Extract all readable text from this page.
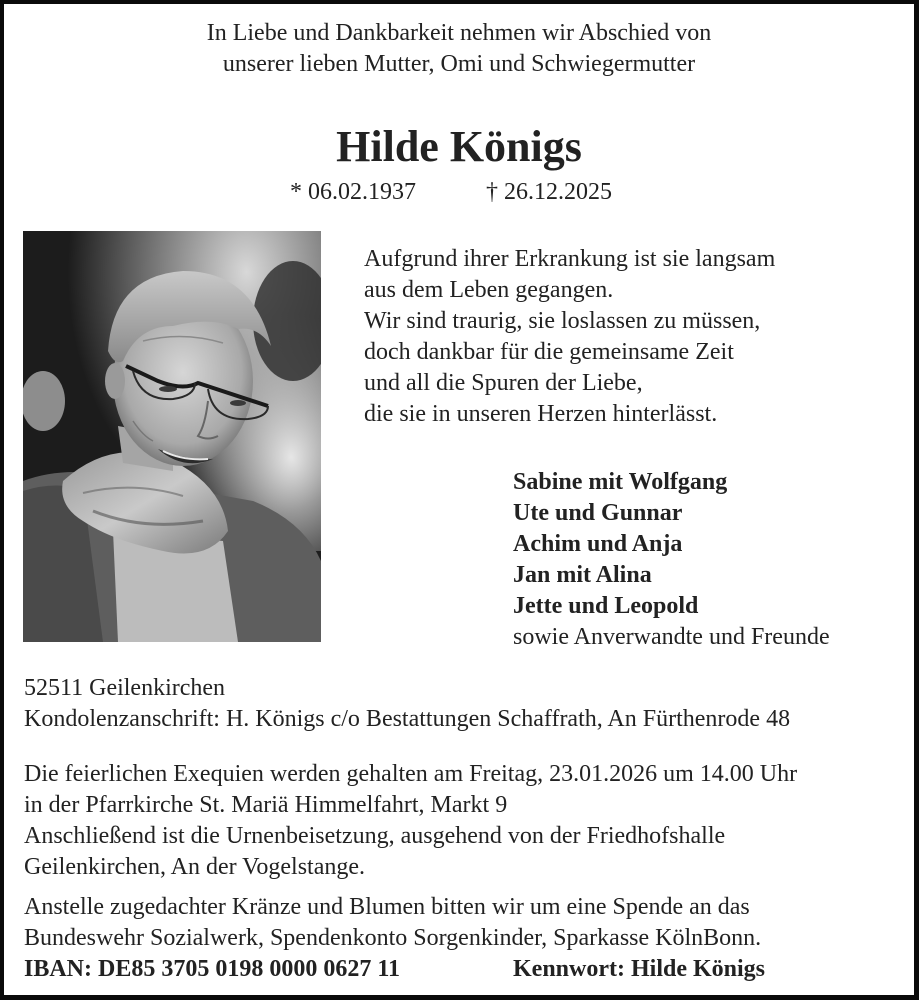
In Liebe und Dankbarkeit nehmen wir Abschied von
unserer lieben Mutter, Omi und Schwiegermutter
Hilde Königs
* 06.02.1937	† 26.12.2025
Aufgrund ihrer Erkrankung ist sie langsam
aus dem Leben gegangen.
Wir sind traurig, sie loslassen zu müssen,
doch dankbar für die gemeinsame Zeit
und all die Spuren der Liebe,
die sie in unseren Herzen hinterlässt.
Sabine mit Wolfgang
Ute und Gunnar
Achim und Anja
Jan mit Alina
Jette und Leopold
sowie Anverwandte und Freunde
52511 Geilenkirchen
Kondolenzanschrift: H. Königs c/o Bestattungen Schaffrath, An Fürthenrode 48
Die feierlichen Exequien werden gehalten am Freitag, 23.01.2026 um 14.00 Uhr
in der Pfarrkirche St. Mariä Himmelfahrt, Markt 9
Anschließend ist die Urnenbeisetzung, ausgehend von der Friedhofshalle
Geilenkirchen, An der Vogelstange.
Anstelle zugedachter Kränze und Blumen bitten wir um eine Spende an das
Bundeswehr Sozialwerk, Spendenkonto Sorgenkinder, Sparkasse KölnBonn.
IBAN: DE85 3705 0198 0000 0627 11	Kennwort: Hilde Königs
